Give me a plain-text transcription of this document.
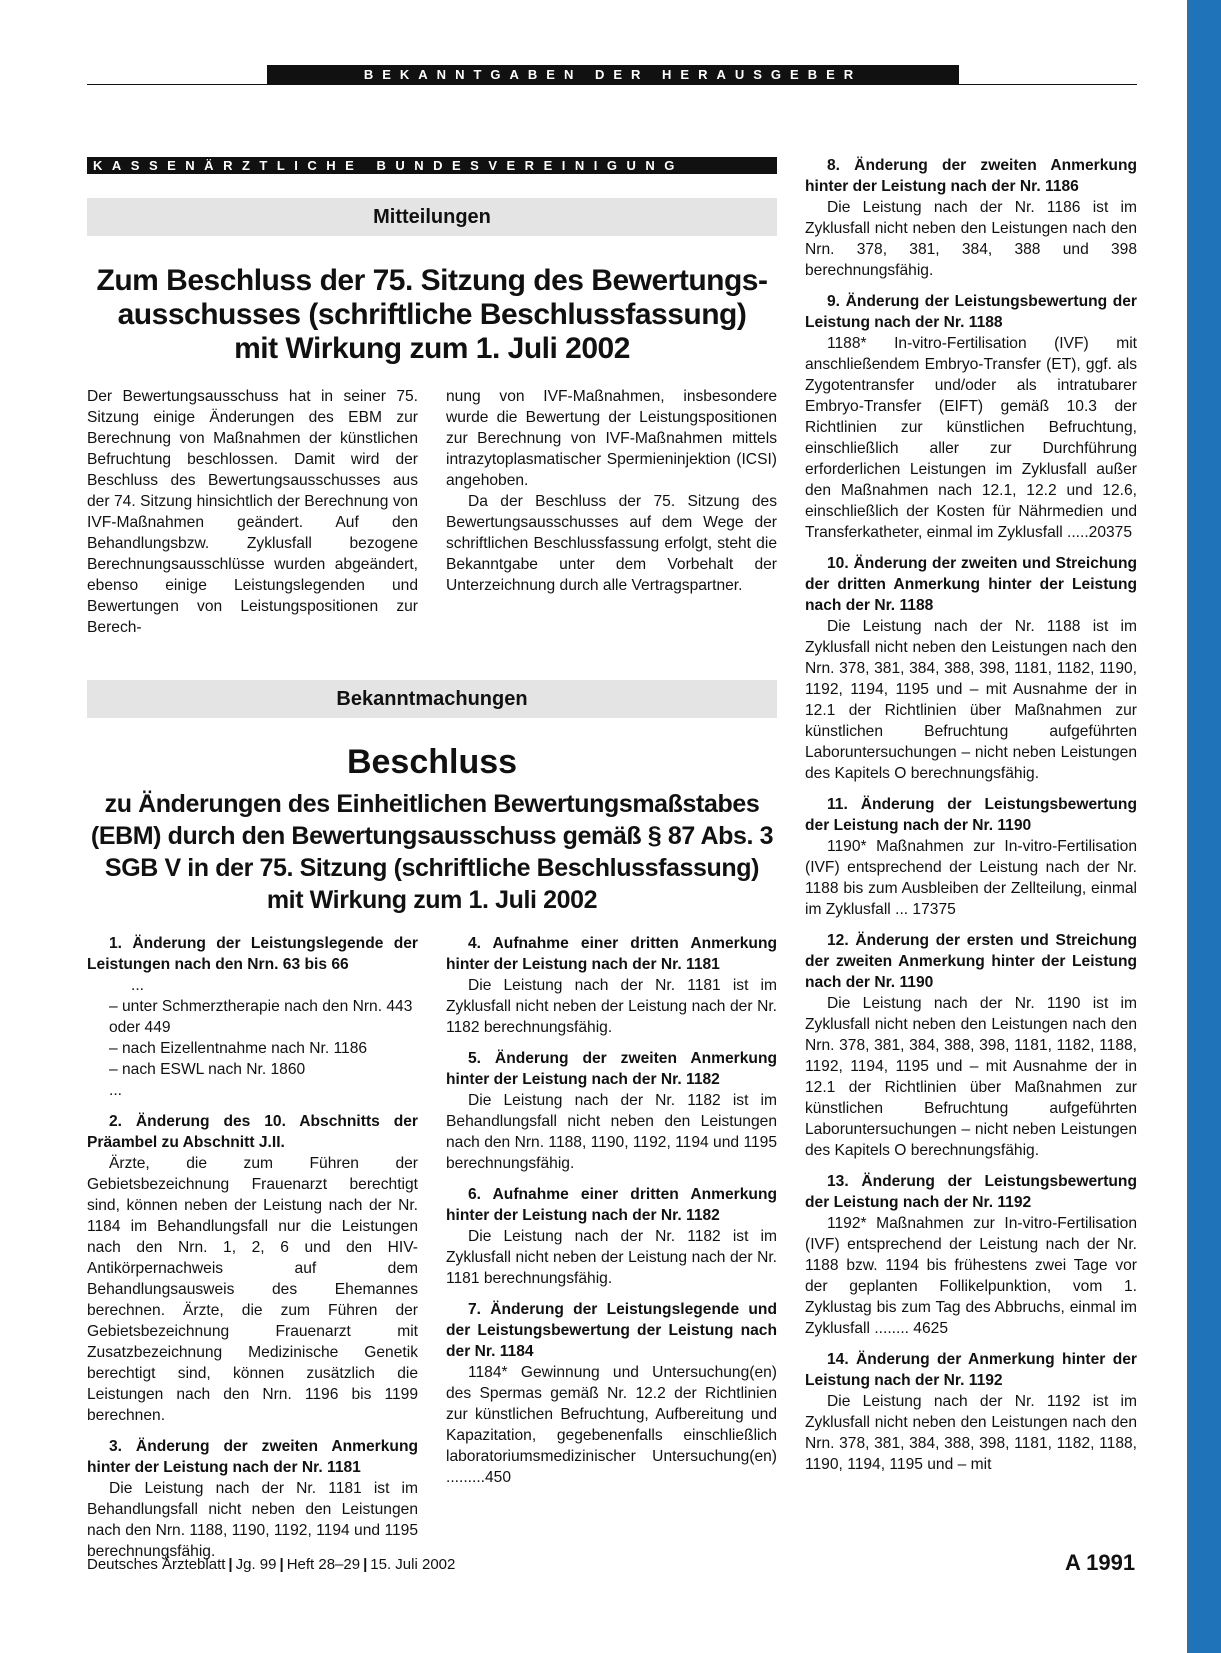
BEKANNTGABEN DER HERAUSGEBER
KASSENÄRZTLICHE BUNDESVEREINIGUNG
Mitteilungen
Zum Beschluss der 75. Sitzung des Bewertungs-
ausschusses (schriftliche Beschlussfassung)
mit Wirkung zum 1. Juli 2002

Der Bewertungsausschuss hat in seiner 75. Sitzung einige Änderungen des EBM zur Berechnung von Maßnahmen der künstlichen Befruchtung beschlossen. Damit wird der Beschluss des Bewertungsausschusses aus der 74. Sitzung hinsichtlich der Berechnung von IVF-Maßnahmen geändert. Auf den Behandlungsbzw. Zyklusfall bezogene Berechnungsausschlüsse wurden abgeändert, ebenso einige Leistungslegenden und Bewertungen von Leistungspositionen zur Berech-

nung von IVF-Maßnahmen, insbesondere wurde die Bewertung der Leistungspositionen zur Berechnung von IVF-Maßnahmen mittels intrazytoplasmatischer Spermieninjektion (ICSI) angehoben.

Da der Beschluss der 75. Sitzung des Bewertungsausschusses auf dem Wege der schriftlichen Beschlussfassung erfolgt, steht die Bekanntgabe unter dem Vorbehalt der Unterzeichnung durch alle Vertragspartner.

Bekanntmachungen
Beschluss
zu Änderungen des Einheitlichen Bewertungsmaßstabes
(EBM) durch den Bewertungsausschuss gemäß § 87 Abs. 3
SGB V in der 75. Sitzung (schriftliche Beschlussfassung)
mit Wirkung zum 1. Juli 2002
1. Änderung der Leistungslegende der Leistungen nach den Nrn. 63 bis 66

...

– unter Schmerztherapie nach den Nrn. 443 oder 449

– nach Eizellentnahme nach Nr. 1186

– nach ESWL nach Nr. 1860

...

2. Änderung des 10. Abschnitts der Präambel zu Abschnitt J.II.

Ärzte, die zum Führen der Gebietsbezeichnung Frauenarzt berechtigt sind, können neben der Leistung nach der Nr. 1184 im Behandlungsfall nur die Leistungen nach den Nrn. 1, 2, 6 und den HIV-Antikörpernachweis auf dem Behandlungsausweis des Ehemannes berechnen. Ärzte, die zum Führen der Gebietsbezeichnung Frauenarzt mit Zusatzbezeichnung Medizinische Genetik berechtigt sind, können zusätzlich die Leistungen nach den Nrn. 1196 bis 1199 berechnen.

3. Änderung der zweiten Anmerkung hinter der Leistung nach der Nr. 1181

Die Leistung nach der Nr. 1181 ist im Behandlungsfall nicht neben den Leistungen nach den Nrn. 1188, 1190, 1192, 1194 und 1195 berechnungsfähig.

4. Aufnahme einer dritten Anmerkung hinter der Leistung nach der Nr. 1181

Die Leistung nach der Nr. 1181 ist im Zyklusfall nicht neben der Leistung nach der Nr. 1182 berechnungsfähig.

5. Änderung der zweiten Anmerkung hinter der Leistung nach der Nr. 1182

Die Leistung nach der Nr. 1182 ist im Behandlungsfall nicht neben den Leistungen nach den Nrn. 1188, 1190, 1192, 1194 und 1195 berechnungsfähig.

6. Aufnahme einer dritten Anmerkung hinter der Leistung nach der Nr. 1182

Die Leistung nach der Nr. 1182 ist im Zyklusfall nicht neben der Leistung nach der Nr. 1181 berechnungsfähig.

7. Änderung der Leistungslegende und der Leistungsbewertung der Leistung nach der Nr. 1184

1184* Gewinnung und Untersuchung(en) des Spermas gemäß Nr. 12.2 der Richtlinien zur künstlichen Befruchtung, Aufbereitung und Kapazitation, gegebenenfalls einschließlich laboratoriumsmedizinischer Untersuchung(en) .........450

8. Änderung der zweiten Anmerkung hinter der Leistung nach der Nr. 1186

Die Leistung nach der Nr. 1186 ist im Zyklusfall nicht neben den Leistungen nach den Nrn. 378, 381, 384, 388 und 398 berechnungsfähig.

9. Änderung der Leistungsbewertung der Leistung nach der Nr. 1188

1188* In-vitro-Fertilisation (IVF) mit anschließendem Embryo-Transfer (ET), ggf. als Zygotentransfer und/oder als intratubarer Embryo-Transfer (EIFT) gemäß 10.3 der Richtlinien zur künstlichen Befruchtung, einschließlich aller zur Durchführung erforderlichen Leistungen im Zyklusfall außer den Maßnahmen nach 12.1, 12.2 und 12.6, einschließlich der Kosten für Nährmedien und Transferkatheter, einmal im Zyklusfall .....20375

10. Änderung der zweiten und Streichung der dritten Anmerkung hinter der Leistung nach der Nr. 1188

Die Leistung nach der Nr. 1188 ist im Zyklusfall nicht neben den Leistungen nach den Nrn. 378, 381, 384, 388, 398, 1181, 1182, 1190, 1192, 1194, 1195 und – mit Ausnahme der in 12.1 der Richtlinien über Maßnahmen zur künstlichen Befruchtung aufgeführten Laboruntersuchungen – nicht neben Leistungen des Kapitels O berechnungsfähig.

11. Änderung der Leistungsbewertung der Leistung nach der Nr. 1190

1190* Maßnahmen zur In-vitro-Fertilisation (IVF) entsprechend der Leistung nach der Nr. 1188 bis zum Ausbleiben der Zellteilung, einmal im Zyklusfall ... 17375

12. Änderung der ersten und Streichung der zweiten Anmerkung hinter der Leistung nach der Nr. 1190

Die Leistung nach der Nr. 1190 ist im Zyklusfall nicht neben den Leistungen nach den Nrn. 378, 381, 384, 388, 398, 1181, 1182, 1188, 1192, 1194, 1195 und – mit Ausnahme der in 12.1 der Richtlinien über Maßnahmen zur künstlichen Befruchtung aufgeführten Laboruntersuchungen – nicht neben Leistungen des Kapitels O berechnungsfähig.

13. Änderung der Leistungsbewertung der Leistung nach der Nr. 1192

1192* Maßnahmen zur In-vitro-Fertilisation (IVF) entsprechend der Leistung nach der Nr. 1188 bzw. 1194 bis frühestens zwei Tage vor der geplanten Follikelpunktion, vom 1. Zyklustag bis zum Tag des Abbruchs, einmal im Zyklusfall ........ 4625

14. Änderung der Anmerkung hinter der Leistung nach der Nr. 1192

Die Leistung nach der Nr. 1192 ist im Zyklusfall nicht neben den Leistungen nach den Nrn. 378, 381, 384, 388, 398, 1181, 1182, 1188, 1190, 1194, 1195 und – mit

Deutsches Ärzteblatt | Jg. 99 | Heft 28–29 | 15. Juli 2002	A 1991
